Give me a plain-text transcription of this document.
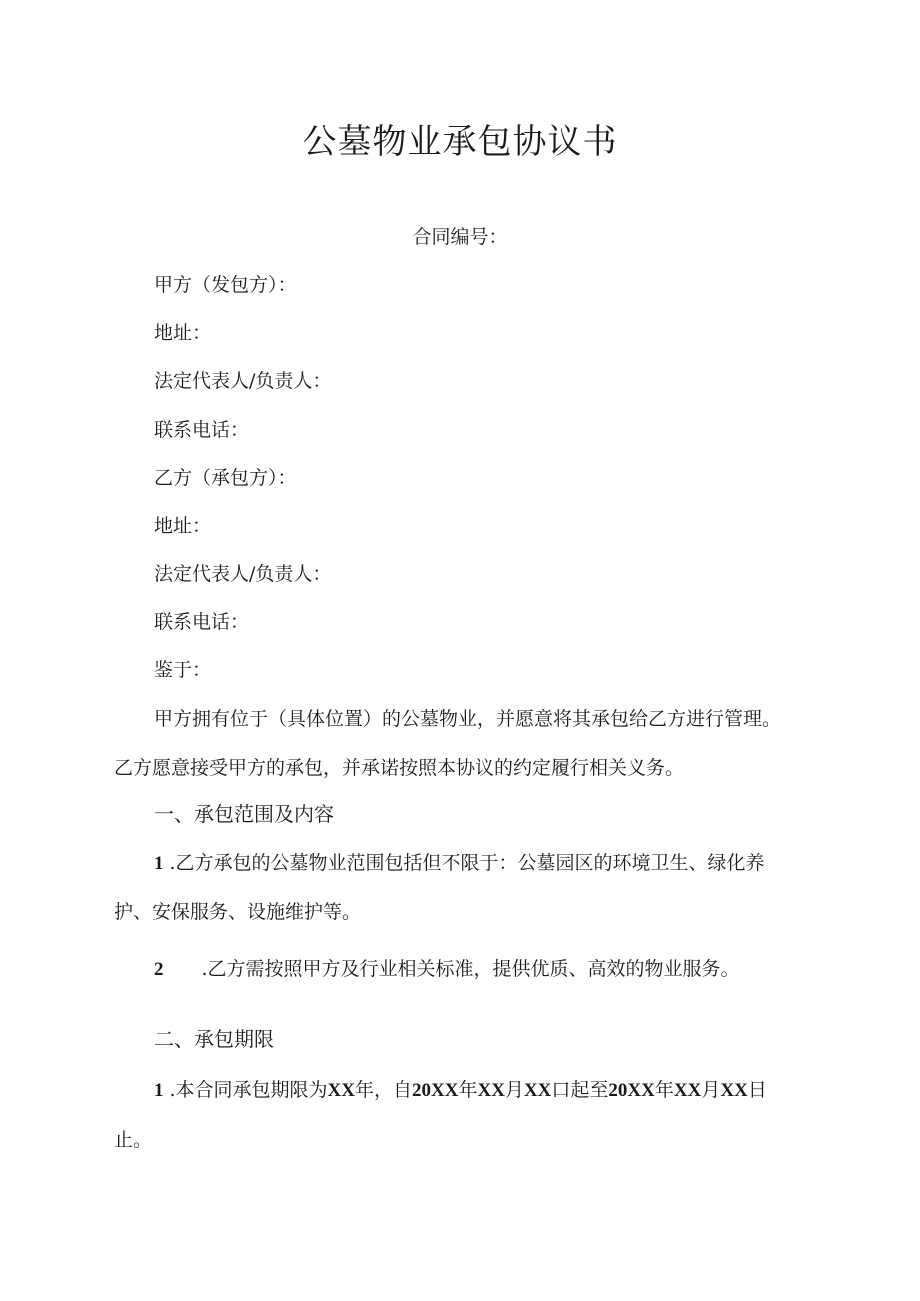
公墓物业承包协议书
合同编号：
甲方（发包方）：
地址：
法定代表人/负责人：
联系电话：
乙方（承包方）：
地址：
法定代表人/负责人：
联系电话：
鉴于：
甲方拥有位于（具体位置）的公墓物业，并愿意将其承包给乙方进行管理。
乙方愿意接受甲方的承包，并承诺按照本协议的约定履行相关义务。
一、承包范围及内容
1 .乙方承包的公墓物业范围包括但不限于：公墓园区的环境卫生、绿化养
护、安保服务、设施维护等。
2 .乙方需按照甲方及行业相关标准，提供优质、高效的物业服务。
二、承包期限
1 .本合同承包期限为XX年，自20XX年XX月XX口起至20XX年XX月XX日
止。
